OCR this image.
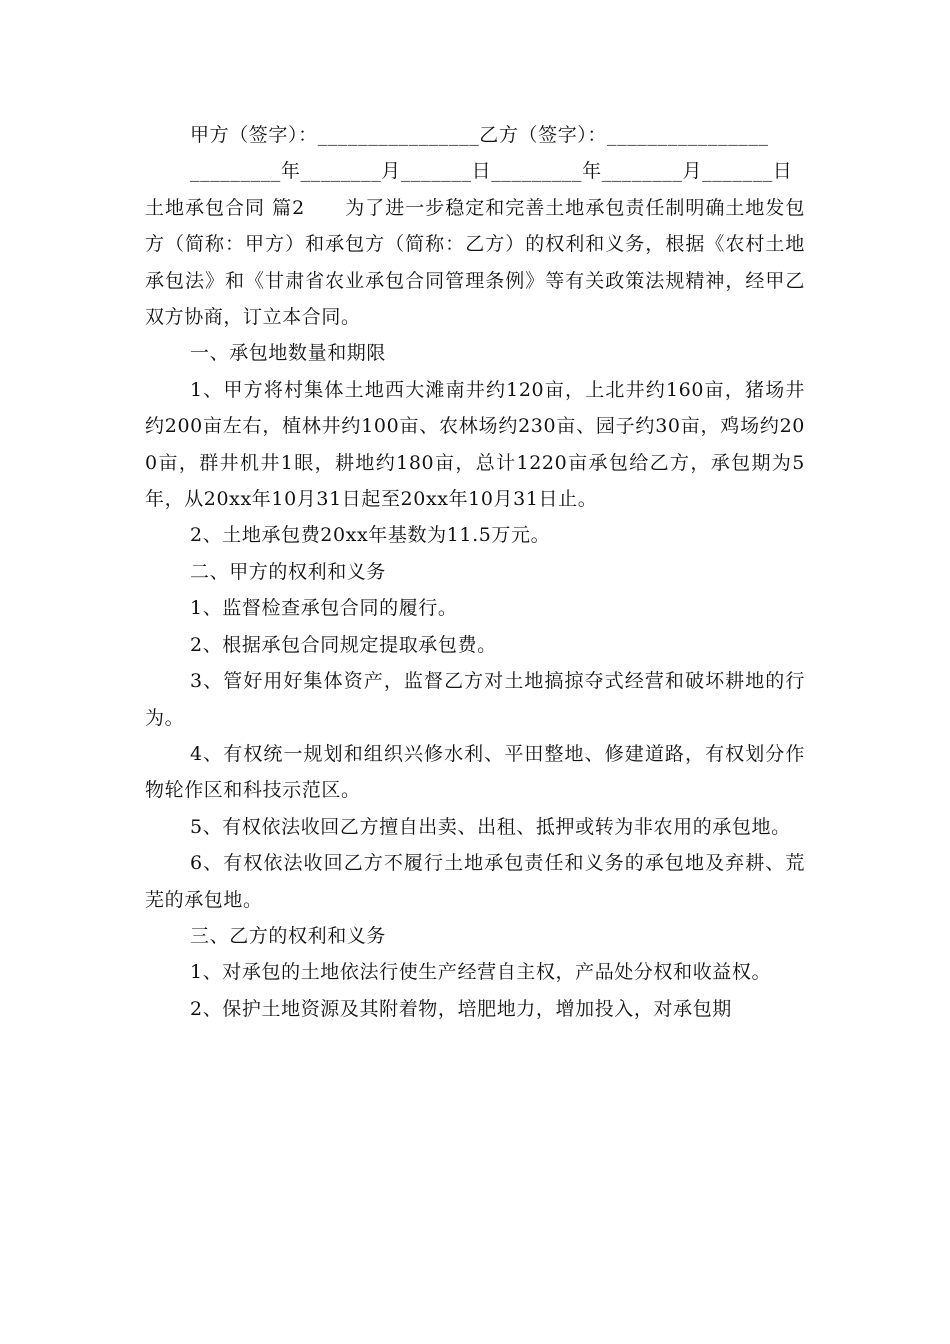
甲方（签字）：________________乙方（签字）：________________

_________年________月_______日_________年________月_______日

土地承包合同 篇2　　为了进一步稳定和完善土地承包责任制明确土地发包方（简称：甲方）和承包方（简称：乙方）的权利和义务，根据《农村土地承包法》和《甘肃省农业承包合同管理条例》等有关政策法规精神，经甲乙双方协商，订立本合同。

一、承包地数量和期限

1、甲方将村集体土地西大滩南井约120亩，上北井约160亩，猪场井约200亩左右，植林井约100亩、农林场约230亩、园子约30亩，鸡场约200亩，群井机井1眼，耕地约180亩，总计1220亩承包给乙方，承包期为5年，从20xx年10月31日起至20xx年10月31日止。

2、土地承包费20xx年基数为11.5万元。

二、甲方的权利和义务

1、监督检查承包合同的履行。

2、根据承包合同规定提取承包费。

3、管好用好集体资产，监督乙方对土地搞掠夺式经营和破坏耕地的行为。

4、有权统一规划和组织兴修水利、平田整地、修建道路，有权划分作物轮作区和科技示范区。

5、有权依法收回乙方擅自出卖、出租、抵押或转为非农用的承包地。

6、有权依法收回乙方不履行土地承包责任和义务的承包地及弃耕、荒芜的承包地。

三、乙方的权利和义务

1、对承包的土地依法行使生产经营自主权，产品处分权和收益权。

2、保护土地资源及其附着物，培肥地力，增加投入，对承包期
